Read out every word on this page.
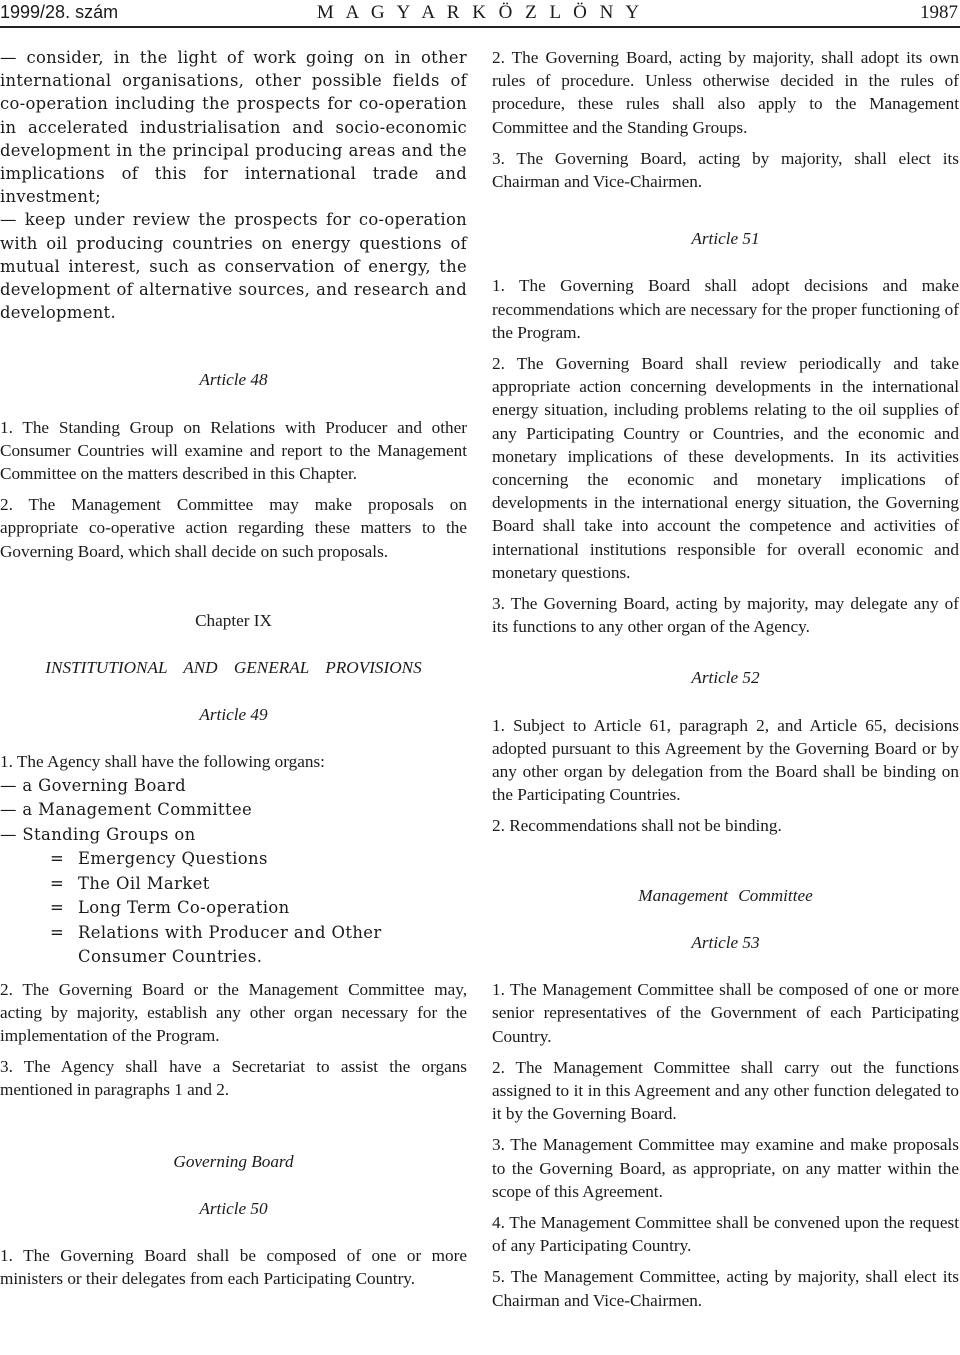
1999/28. szám	M A G Y A R K Ö Z L Ö N Y	1987

— consider, in the light of work going on in other international organisations, other possible fields of co-operation including the prospects for co-operation in accelerated industrialisation and socio-economic development in the principal producing areas and the implications of this for international trade and investment;

— keep under review the prospects for co-operation with oil producing countries on energy questions of mutual interest, such as conservation of energy, the development of alternative sources, and research and development.

Article 48

1. The Standing Group on Relations with Producer and other Consumer Countries will examine and report to the Management Committee on the matters described in this Chapter.

2. The Management Committee may make proposals on appropriate co-operative action regarding these matters to the Governing Board, which shall decide on such proposals.

Chapter IX

INSTITUTIONAL AND GENERAL PROVISIONS

Article 49

1. The Agency shall have the following organs:

— a Governing Board

— a Management Committee

— Standing Groups on

= Emergency Questions
= The Oil Market
= Long Term Co-operation
= Relations with Producer and Other Consumer Countries.

2. The Governing Board or the Management Committee may, acting by majority, establish any other organ necessary for the implementation of the Program.

3. The Agency shall have a Secretariat to assist the organs mentioned in paragraphs 1 and 2.

Governing Board

Article 50

1. The Governing Board shall be composed of one or more ministers or their delegates from each Participating Country.

2. The Governing Board, acting by majority, shall adopt its own rules of procedure. Unless otherwise decided in the rules of procedure, these rules shall also apply to the Management Committee and the Standing Groups.

3. The Governing Board, acting by majority, shall elect its Chairman and Vice-Chairmen.

Article 51

1. The Governing Board shall adopt decisions and make recommendations which are necessary for the proper functioning of the Program.

2. The Governing Board shall review periodically and take appropriate action concerning developments in the international energy situation, including problems relating to the oil supplies of any Participating Country or Countries, and the economic and monetary implications of these developments. In its activities concerning the economic and monetary implications of developments in the international energy situation, the Governing Board shall take into account the competence and activities of international institutions responsible for overall economic and monetary questions.

3. The Governing Board, acting by majority, may delegate any of its functions to any other organ of the Agency.

Article 52

1. Subject to Article 61, paragraph 2, and Article 65, decisions adopted pursuant to this Agreement by the Governing Board or by any other organ by delegation from the Board shall be binding on the Participating Countries.

2. Recommendations shall not be binding.

Management Committee

Article 53

1. The Management Committee shall be composed of one or more senior representatives of the Government of each Participating Country.

2. The Management Committee shall carry out the functions assigned to it in this Agreement and any other function delegated to it by the Governing Board.

3. The Management Committee may examine and make proposals to the Governing Board, as appropriate, on any matter within the scope of this Agreement.

4. The Management Committee shall be convened upon the request of any Participating Country.

5. The Management Committee, acting by majority, shall elect its Chairman and Vice-Chairmen.
